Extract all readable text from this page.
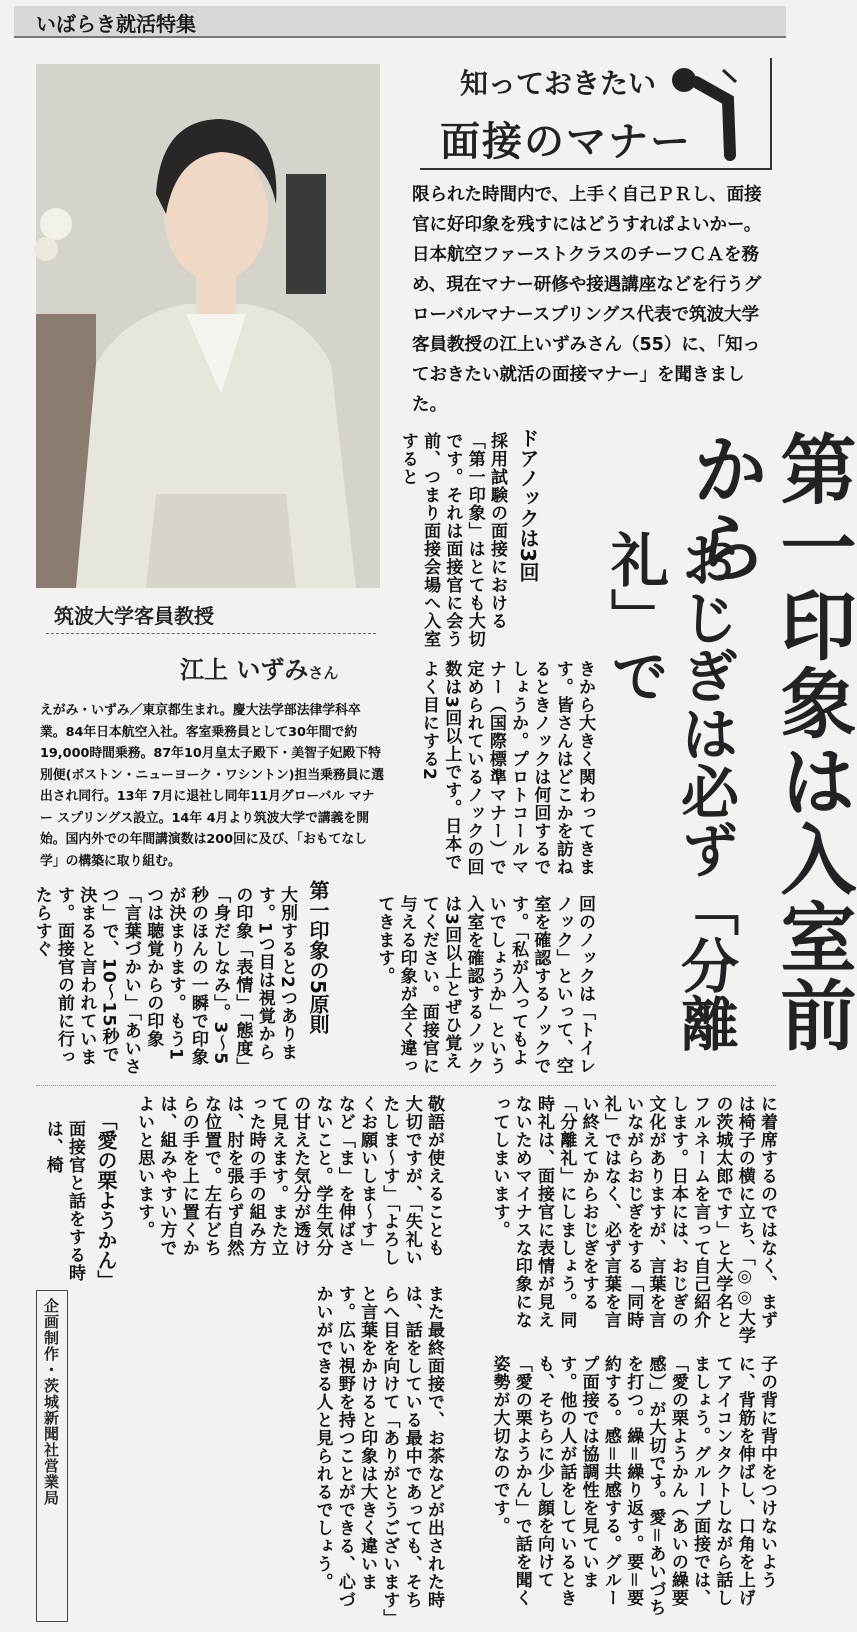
いばらき就活特集
知っておきたい
面接のマナー
限られた時間内で、上手く自己ＰＲし、面接官に好印象を残すにはどうすればよいかー。日本航空ファーストクラスのチーフＣＡを務め、現在マナー研修や接遇講座などを行うグローバルマナースプリングス代表で筑波大学客員教授の江上いずみさん（55）に、「知っておきたい就活の面接マナー」を聞きました。
第一印象は入室前から
おじぎは必ず「分離礼」で
ドアノックは3回
採用試験の面接における「第一印象」はとても大切です。それは面接官に会う前、つまり面接会場へ入室すると
きから大きく関わってきます。皆さんはどこかを訪ねるときノックは何回するでしょうか。プロトコールマナー（国際標準マナー）で定められているノックの回数は3回以上です。日本でよく目にする2
回のノックは「トイレノック」といって、空室を確認するノックです。「私が入ってもよいでしょうか」という入室を確認するノックは3回以上とぜひ覚えてください。面接官に与える印象が全く違ってきます。
筑波大学客員教授
江上 いずみさん
えがみ・いずみ／東京都生まれ。慶大法学部法律学科卒業。84年日本航空入社。客室乗務員として30年間で約19,000時間乗務。87年10月皇太子殿下・美智子妃殿下特別便(ボストン・ニューヨーク・ワシントン)担当乗務員に選出され同行。13年 7月に退社し同年11月グローバル マナー スプリングス設立。14年 4月より筑波大学で講義を開始。国内外での年間講演数は200回に及び、「おもてなし学」の構築に取り組む。
第一印象の5原則
大別すると2つあります。1つ目は視覚からの印象「表情」「態度」「身だしなみ」。3〜5秒のほんの一瞬で印象が決まります。もう1つは聴覚からの印象「言葉づかい」「あいさつ」で、10〜15秒で決まると言われています。面接官の前に行ったらすぐ
に着席するのではなく、まずは椅子の横に立ち、「◎◎大学の茨城太郎です」と大学名とフルネームを言って自己紹介します。日本には、おじぎの文化がありますが、言葉を言いながらおじぎをする「同時礼」ではなく、必ず言葉を言い終えてからおじぎをする「分離礼」にしましょう。同時礼は、面接官に表情が見えないためマイナスな印象になってしまいます。
敬語が使えることも大切ですが、「失礼いたしま〜す」「よろしくお願いしま〜す」など「ま」を伸ばさないこと。学生気分の甘えた気分が透けて見えます。また立った時の手の組み方は、肘を張らず自然な位置で。左右どちらの手を上に置くかは、組みやすい方でよいと思います。
「愛の栗ようかん」
面接官と話をする時は、椅
子の背に背中をつけないように、背筋を伸ばし、口角を上げてアイコンタクトしながら話しましょう。グループ面接では、「愛の栗ようかん（あいの繰要感）」が大切です。愛＝あいづちを打つ。繰＝繰り返す。要＝要約する。感＝共感する。グループ面接では協調性を見ています。他の人が話をしているときも、そちらに少し顔を向けて「愛の栗ようかん」で話を聞く姿勢が大切なのです。
また最終面接で、お茶などが出された時は、話をしている最中であっても、そちらへ目を向けて「ありがとうございます」と言葉をかけると印象は大きく違います。広い視野を持つことができる、心づかいができる人と見られるでしょう。
企画制作・茨城新聞社営業局
